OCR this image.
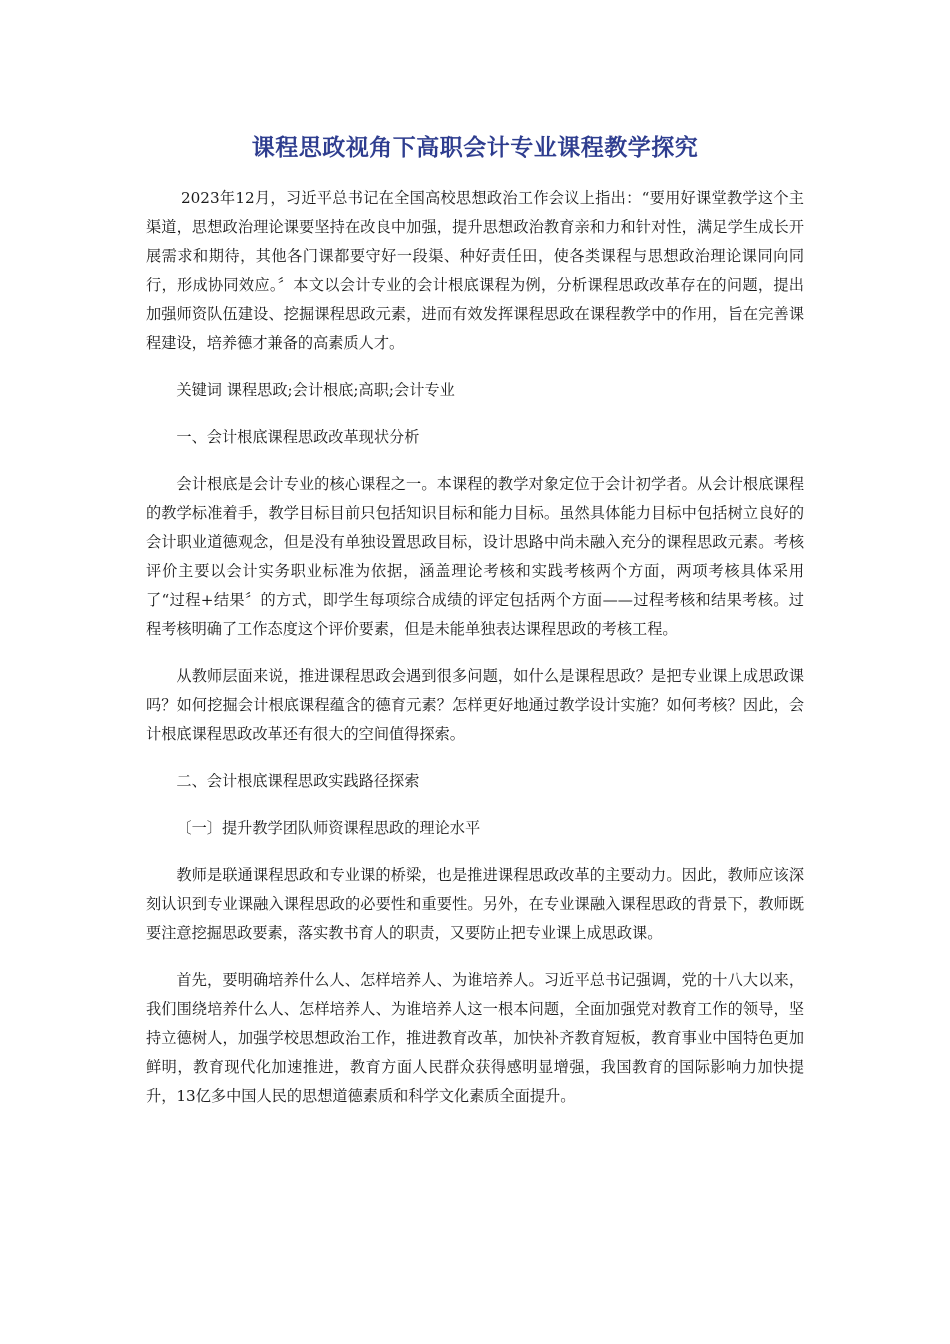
课程思政视角下高职会计专业课程教学探究

2023年12月，习近平总书记在全国高校思想政治工作会议上指出：“要用好课堂教学这个主渠道，思想政治理论课要坚持在改良中加强，提升思想政治教育亲和力和针对性，满足学生成长开展需求和期待，其他各门课都要守好一段渠、种好责任田，使各类课程与思想政治理论课同向同行，形成协同效应。〞本文以会计专业的会计根底课程为例，分析课程思政改革存在的问题，提出加强师资队伍建设、挖掘课程思政元素，进而有效发挥课程思政在课程教学中的作用，旨在完善课程建设，培养德才兼备的高素质人才。

关键词 课程思政;会计根底;高职;会计专业

一、会计根底课程思政改革现状分析

会计根底是会计专业的核心课程之一。本课程的教学对象定位于会计初学者。从会计根底课程的教学标准着手，教学目标目前只包括知识目标和能力目标。虽然具体能力目标中包括树立良好的会计职业道德观念，但是没有单独设置思政目标，设计思路中尚未融入充分的课程思政元素。考核评价主要以会计实务职业标准为依据，涵盖理论考核和实践考核两个方面，两项考核具体采用了“过程+结果〞的方式，即学生每项综合成绩的评定包括两个方面——过程考核和结果考核。过程考核明确了工作态度这个评价要素，但是未能单独表达课程思政的考核工程。

从教师层面来说，推进课程思政会遇到很多问题，如什么是课程思政？是把专业课上成思政课吗？如何挖掘会计根底课程蕴含的德育元素？怎样更好地通过教学设计实施？如何考核？因此，会计根底课程思政改革还有很大的空间值得探索。

二、会计根底课程思政实践路径探索

〔一〕提升教学团队师资课程思政的理论水平

教师是联通课程思政和专业课的桥梁，也是推进课程思政改革的主要动力。因此，教师应该深刻认识到专业课融入课程思政的必要性和重要性。另外，在专业课融入课程思政的背景下，教师既要注意挖掘思政要素，落实教书育人的职责，又要防止把专业课上成思政课。

首先，要明确培养什么人、怎样培养人、为谁培养人。习近平总书记强调，党的十八大以来，我们围绕培养什么人、怎样培养人、为谁培养人这一根本问题，全面加强党对教育工作的领导，坚持立德树人，加强学校思想政治工作，推进教育改革，加快补齐教育短板，教育事业中国特色更加鲜明，教育现代化加速推进，教育方面人民群众获得感明显增强，我国教育的国际影响力加快提升，13亿多中国人民的思想道德素质和科学文化素质全面提升。
